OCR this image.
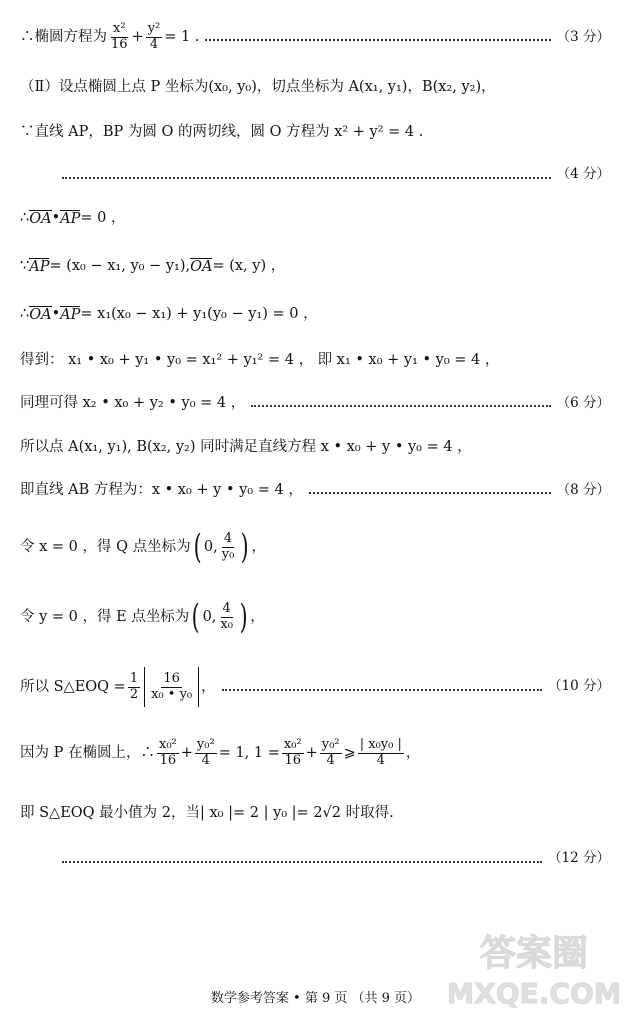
∴椭圆方程为 $\frac{\text{x²}}{16} + \frac{\text{y²}}{4} = 1$ .	（3 分）
（Ⅱ）设点椭圆上点 P 坐标为(x₀, y₀)，切点坐标为 A(x₁, y₁)，B(x₂, y₂)，
∵直线 AP，BP 为圆 O 的两切线，圆 O 方程为 x² + y² = 4 .
（4 分）
∴ OA • AP = 0 ，
∵ AP = (x₀ − x₁, y₀ − y₁), OA = (x, y) ，
∴ OA • AP = x₁(x₀ − x₁) + y₁(y₀ − y₁) = 0 ，
得到： x₁ • x₀ + y₁ • y₀ = x₁² + y₁² = 4 ， 即 x₁ • x₀ + y₁ • y₀ = 4 ，
同理可得 x₂ • x₀ + y₂ • y₀ = 4 ，	（6 分）
所以点 A(x₁, y₁), B(x₂, y₂) 同时满足直线方程 x • x₀ + y • y₀ = 4 ，
即直线 AB 方程为：x • x₀ + y • y₀ = 4 ，	（8 分）
令 x = 0 ，得 Q 点坐标为 ( 0, $\frac{4}{\text{y₀}}$ ) ，
令 y = 0 ，得 E 点坐标为 ( 0, $\frac{4}{\text{x₀}}$ ) ，
所以 S△EOQ = $\frac{1}{2} \frac{16}{\text{x₀ • y₀}}$ ，	（10 分）
因为 P 在椭圆上，∴ $\frac{\text{x₀²}}{16} + \frac{\text{y₀²}}{4} = 1$, $1 = \frac{\text{x₀²}}{16} + \frac{\text{y₀²}}{4}$ ⩾ $\frac{\text{| x₀y₀ |}}{4}$ ，
即 S△EOQ 最小值为 2，当| x₀ |= 2 | y₀ |= 2√2 时取得.
（12 分）
答案圈
MXQE.COM
数学参考答案 • 第 9 页 （共 9 页）
